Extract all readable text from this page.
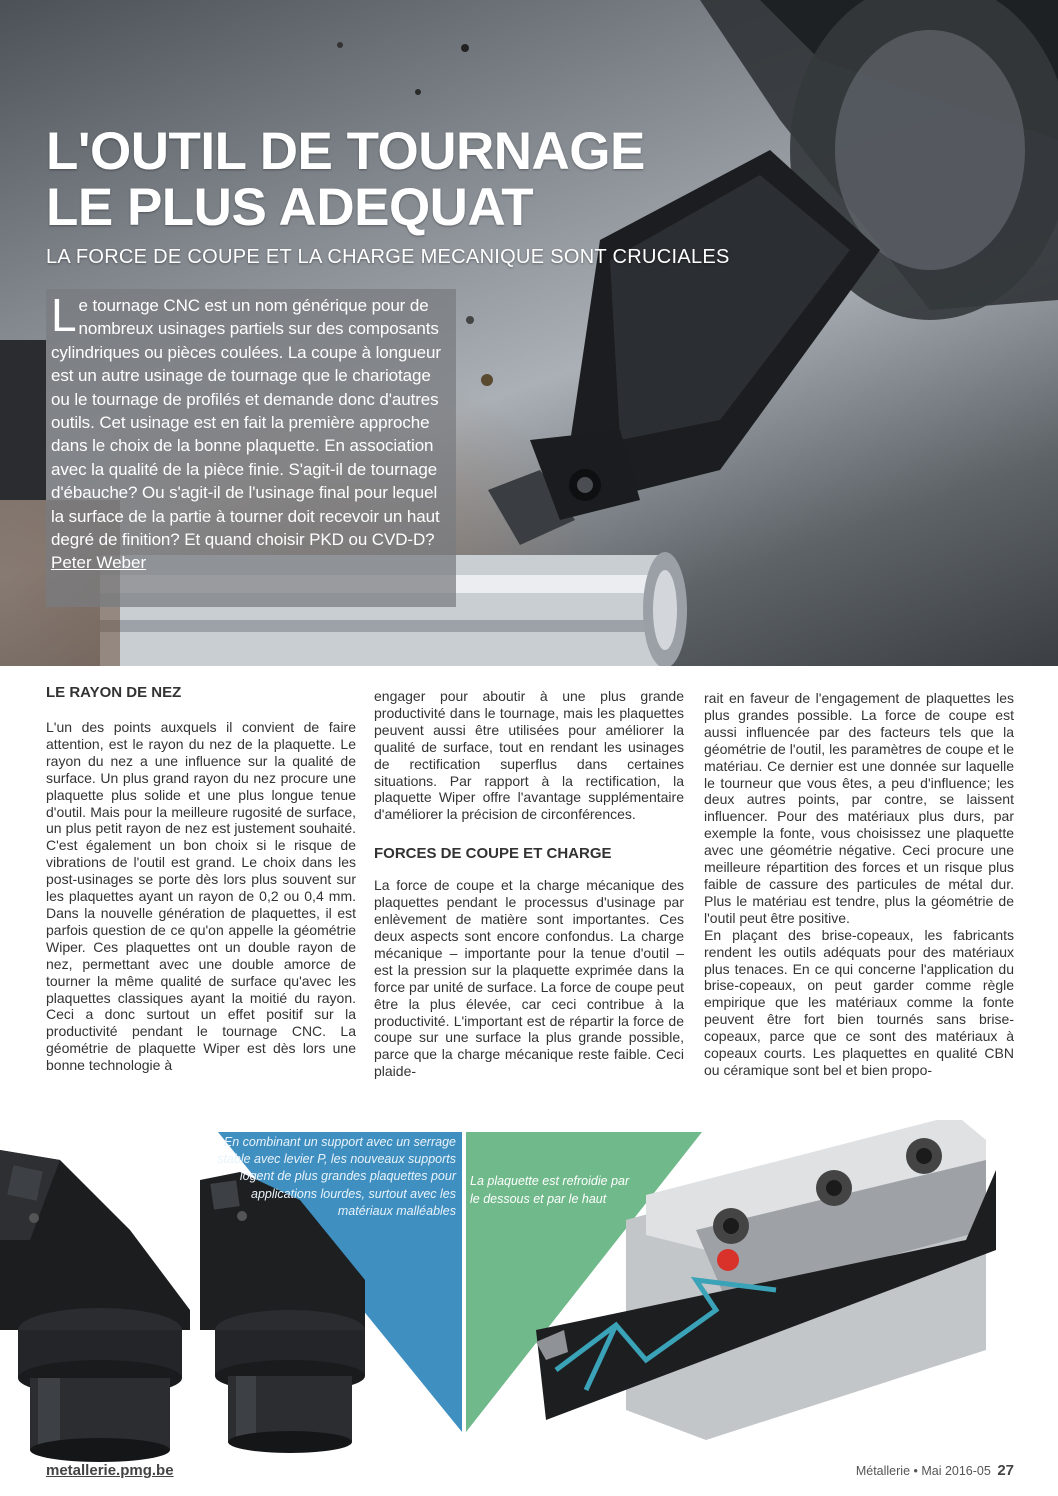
L'OUTIL DE TOURNAGE
LE PLUS ADEQUAT
LA FORCE DE COUPE ET LA CHARGE MECANIQUE SONT CRUCIALES

Le tournage CNC est un nom générique pour de nombreux usinages partiels sur des composants cylindriques ou pièces coulées. La coupe à longueur est un autre usinage de tournage que le chariotage ou le tournage de profilés et demande donc d'autres outils. Cet usinage est en fait la première approche dans le choix de la bonne plaquette. En association avec la qualité de la pièce finie. S'agit-il de tournage d'ébauche? Ou s'agit-il de l'usinage final pour lequel la surface de la partie à tourner doit recevoir un haut degré de finition? Et quand choisir PKD ou CVD-D?

Peter Weber
LE RAYON DE NEZ

L'un des points auxquels il convient de faire attention, est le rayon du nez de la plaquette. Le rayon du nez a une influence sur la qualité de surface. Un plus grand rayon du nez procure une plaquette plus solide et une plus longue tenue d'outil. Mais pour la meilleure rugosité de surface, un plus petit rayon de nez est justement souhaité. C'est également un bon choix si le risque de vibrations de l'outil est grand. Le choix dans les post-usinages se porte dès lors plus souvent sur les plaquettes ayant un rayon de 0,2 ou 0,4 mm. Dans la nouvelle génération de plaquettes, il est parfois question de ce qu'on appelle la géométrie Wiper. Ces plaquettes ont un double rayon de nez, permettant avec une double amorce de tourner la même qualité de surface qu'avec les plaquettes classiques ayant la moitié du rayon. Ceci a donc surtout un effet positif sur la productivité pendant le tournage CNC. La géométrie de plaquette Wiper est dès lors une bonne technologie à

engager pour aboutir à une plus grande productivité dans le tournage, mais les plaquettes peuvent aussi être utilisées pour améliorer la qualité de surface, tout en rendant les usinages de rectification superflus dans certaines situations. Par rapport à la rectification, la plaquette Wiper offre l'avantage supplémentaire d'améliorer la précision de circonférences.

FORCES DE COUPE ET CHARGE

La force de coupe et la charge mécanique des plaquettes pendant le processus d'usinage par enlèvement de matière sont importantes. Ces deux aspects sont encore confondus. La charge mécanique – importante pour la tenue d'outil – est la pression sur la plaquette exprimée dans la force par unité de surface. La force de coupe peut être la plus élevée, car ceci contribue à la productivité. L'important est de répartir la force de coupe sur une surface la plus grande possible, parce que la charge mécanique reste faible. Ceci plaide-

rait en faveur de l'engagement de plaquettes les plus grandes possible. La force de coupe est aussi influencée par des facteurs tels que la géométrie de l'outil, les paramètres de coupe et le matériau. Ce dernier est une donnée sur laquelle le tourneur que vous êtes, a peu d'influence; les deux autres points, par contre, se laissent influencer. Pour des matériaux plus durs, par exemple la fonte, vous choisissez une plaquette avec une géométrie négative. Ceci procure une meilleure répartition des forces et un risque plus faible de cassure des particules de métal dur. Plus le matériau est tendre, plus la géométrie de l'outil peut être positive.

En plaçant des brise-copeaux, les fabricants rendent les outils adéquats pour des matériaux plus tenaces. En ce qui concerne l'application du brise-copeaux, on peut garder comme règle empirique que les matériaux comme la fonte peuvent être fort bien tournés sans brise-copeaux, parce que ce sont des matériaux à copeaux courts. Les plaquettes en qualité CBN ou céramique sont bel et bien propo-

En combinant un support avec un serrage stable avec levier P, les nouveaux supports logent de plus grandes plaquettes pour applications lourdes, surtout avec les matériaux malléables
La plaquette est refroidie par le dessous et par le haut
metallerie.pmg.be	Métallerie • Mai 2016-05 27
